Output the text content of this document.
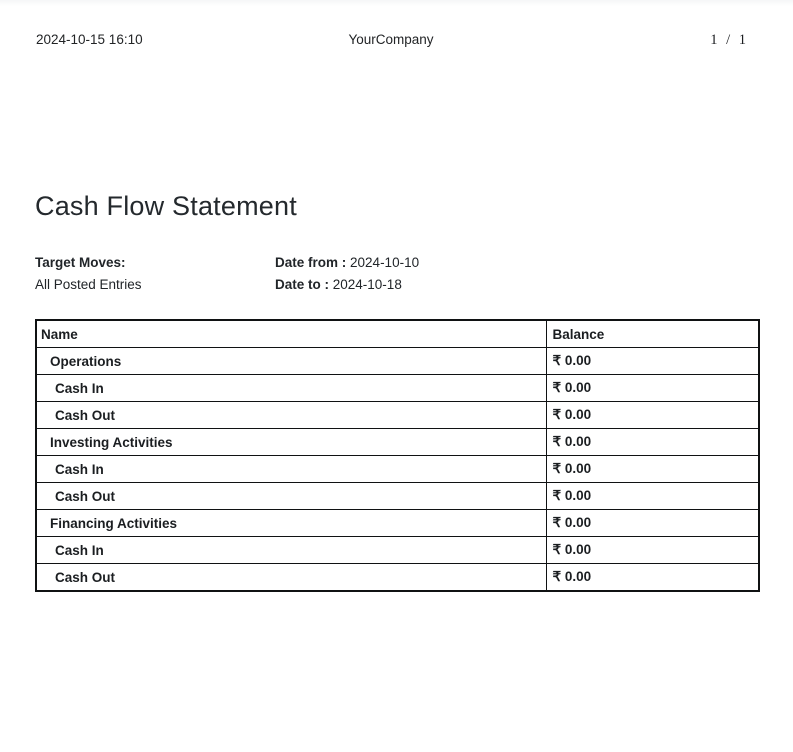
2024-10-15 16:10	YourCompany	1 / 1
Cash Flow Statement
Target Moves:
All Posted Entries
Date from : 2024-10-10
Date to : 2024-10-18
Name	Balance
Operations	₹ 0.00
Cash In	₹ 0.00
Cash Out	₹ 0.00
Investing Activities	₹ 0.00
Cash In	₹ 0.00
Cash Out	₹ 0.00
Financing Activities	₹ 0.00
Cash In	₹ 0.00
Cash Out	₹ 0.00
